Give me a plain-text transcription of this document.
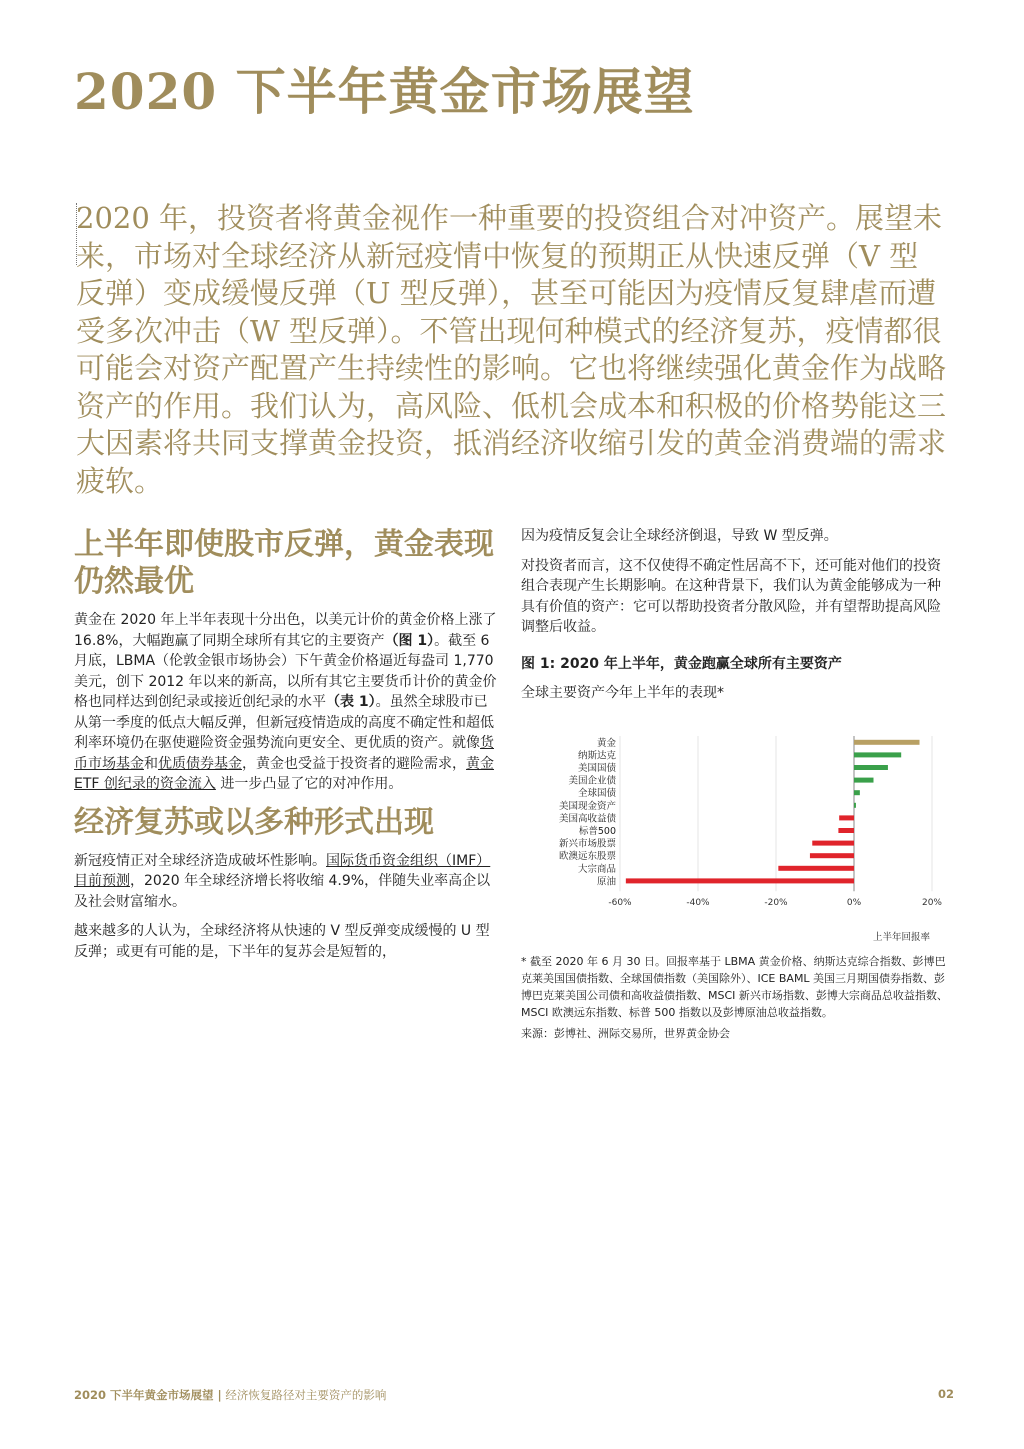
2020 下半年黄金市场展望

2020 年，投资者将黄金视作一种重要的投资组合对冲资产。展望未来，市场对全球经济从新冠疫情中恢复的预期正从快速反弹（V 型反弹）变成缓慢反弹（U 型反弹），甚至可能因为疫情反复肆虐而遭受多次冲击（W 型反弹）。不管出现何种模式的经济复苏，疫情都很可能会对资产配置产生持续性的影响。它也将继续强化黄金作为战略资产的作用。我们认为，高风险、低机会成本和积极的价格势能这三大因素将共同支撑黄金投资，抵消经济收缩引发的黄金消费端的需求疲软。

上半年即使股市反弹，黄金表现仍然最优

黄金在 2020 年上半年表现十分出色，以美元计价的黄金价格上涨了 16.8%，大幅跑赢了同期全球所有其它的主要资产（图 1）。截至 6 月底，LBMA（伦敦金银市场协会）下午黄金价格逼近每盎司 1,770 美元，创下 2012 年以来的新高，以所有其它主要货币计价的黄金价格也同样达到创纪录或接近创纪录的水平（表 1）。虽然全球股市已从第一季度的低点大幅反弹，但新冠疫情造成的高度不确定性和超低利率环境仍在驱使避险资金强势流向更安全、更优质的资产。就像货币市场基金和优质债券基金，黄金也受益于投资者的避险需求，黄金 ETF 创纪录的资金流入 进一步凸显了它的对冲作用。

经济复苏或以多种形式出现

新冠疫情正对全球经济造成破坏性影响。国际货币资金组织（IMF）目前预测，2020 年全球经济增长将收缩 4.9%，伴随失业率高企以及社会财富缩水。

越来越多的人认为，全球经济将从快速的 V 型反弹变成缓慢的 U 型反弹；或更有可能的是，下半年的复苏会是短暂的，

因为疫情反复会让全球经济倒退，导致 W 型反弹。

对投资者而言，这不仅使得不确定性居高不下，还可能对他们的投资组合表现产生长期影响。在这种背景下，我们认为黄金能够成为一种具有价值的资产：它可以帮助投资者分散风险，并有望帮助提高风险调整后收益。

图 1: 2020 年上半年，黄金跑赢全球所有主要资产

全球主要资产今年上半年的表现*

-60%	-40%	-20%	0%	20%
黄金
纳斯达克
美国国债
美国企业债
全球国债
美国现金资产
美国高收益债
标普500
新兴市场股票
欧澳远东股票
大宗商品
原油
上半年回报率

* 截至 2020 年 6 月 30 日。回报率基于 LBMA 黄金价格、纳斯达克综合指数、彭博巴克莱美国国债指数、全球国债指数（美国除外）、ICE BAML 美国三月期国债券指数、彭博巴克莱美国公司债和高收益债指数、MSCI 新兴市场指数、彭博大宗商品总收益指数、MSCI 欧澳远东指数、标普 500 指数以及彭博原油总收益指数。

来源：彭博社、洲际交易所，世界黄金协会

2020 下半年黄金市场展望 | 经济恢复路径对主要资产的影响	02
